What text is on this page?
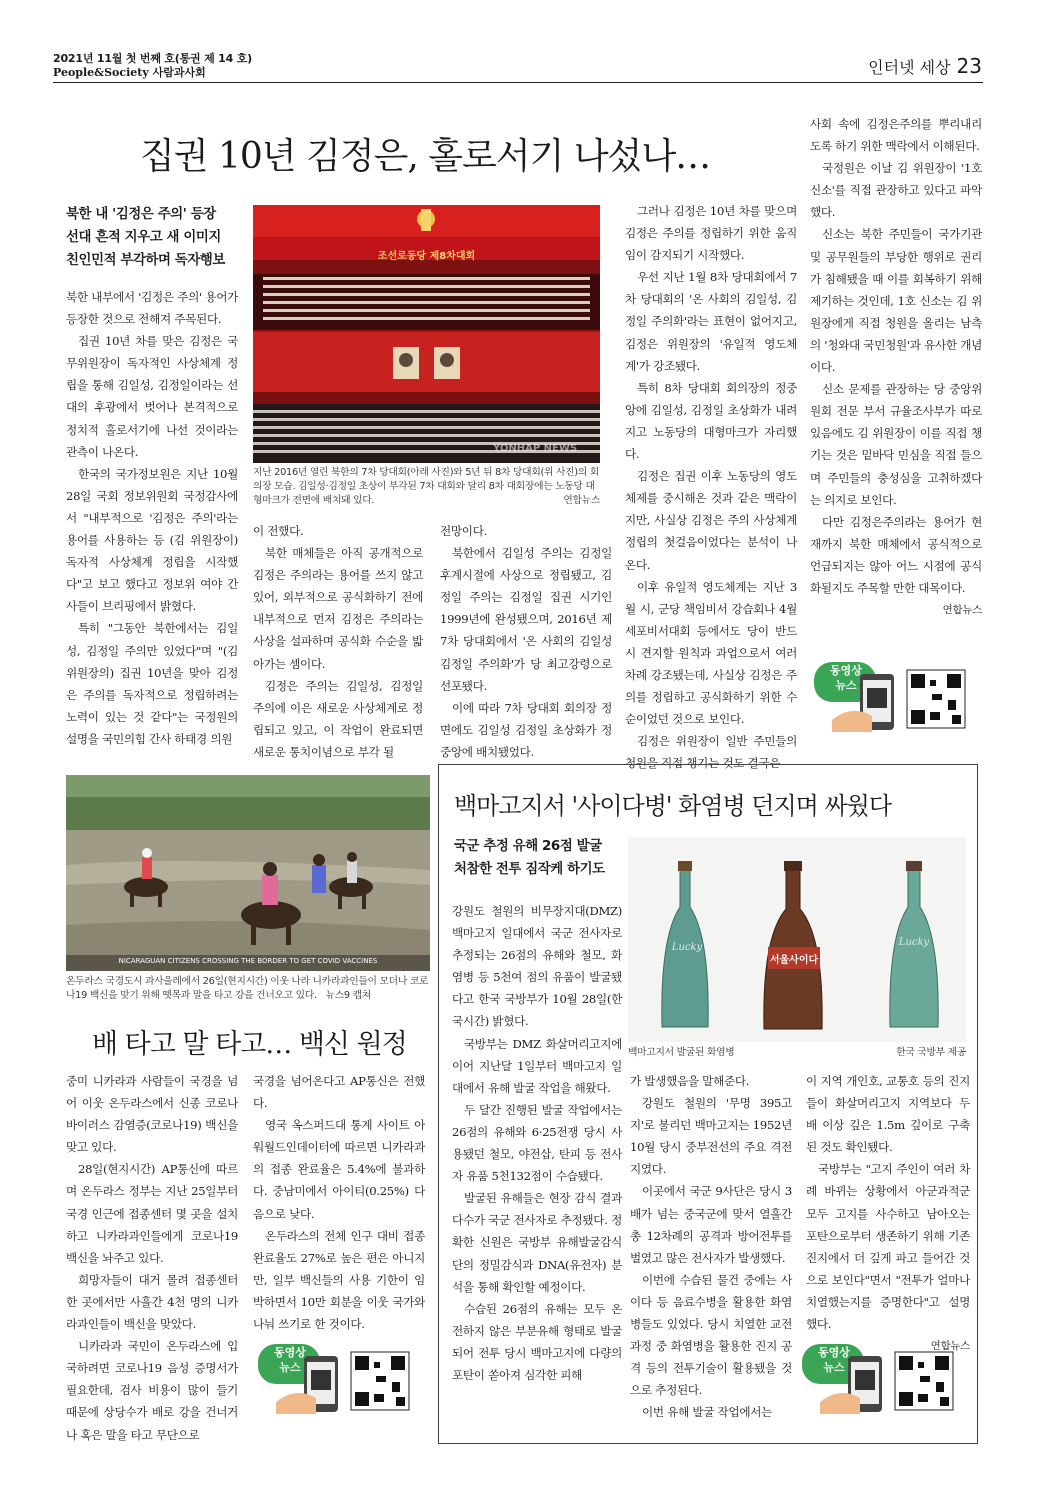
2021년 11월 첫 번째 호(통권 제 14 호)
People&Society 사람과사회	인터넷 세상 23
집권 10년 김정은, 홀로서기 나섰나…
북한 내 '김정은 주의' 등장
선대 흔적 지우고 새 이미지
친인민적 부각하며 독자행보	조선로동당 제8차대회
YONHAP NEWS
지난 2016년 열린 북한의 7차 당대회(아래 사진)와 5년 뒤 8차 당대회(위 사진)의 회의장 모습. 김일성·김정일 초상이 부각된 7차 대회와 달리 8차 대회장에는 노동당 대형마크가 전면에 배치돼 있다.	연합뉴스

북한 내부에서 '김정은 주의' 용어가 등장한 것으로 전해져 주목된다.

집권 10년 차를 맞은 김정은 국무위원장이 독자적인 사상체계 정립을 통해 김일성, 김정일이라는 선대의 후광에서 벗어나 본격적으로 정치적 홀로서기에 나선 것이라는 관측이 나온다.

한국의 국가정보원은 지난 10월 28일 국회 정보위원회 국정감사에서 "내부적으로 '김정은 주의'라는 용어를 사용하는 등 (김 위원장이) 독자적 사상체계 정립을 시작했다"고 보고 했다고 정보위 여야 간사들이 브리핑에서 밝혔다.

특히 "그동안 북한에서는 김일성, 김정일 주의만 있었다"며 "(김위원장의) 집권 10년을 맞아 김정은 주의를 독자적으로 정립하려는 노력이 있는 것 같다"는 국정원의 설명을 국민의힘 간사 하태경 의원

이 전했다.

북한 매체들은 아직 공개적으로 김정은 주의라는 용어를 쓰지 않고 있어, 외부적으로 공식화하기 전에 내부적으로 먼저 김정은 주의라는 사상을 설파하며 공식화 수순을 밟아가는 셈이다.

김정은 주의는 김일성, 김정일 주의에 이은 새로운 사상체계로 정립되고 있고, 이 작업이 완료되면 새로운 통치이념으로 부각 될

전망이다.

북한에서 김일성 주의는 김정일 후계시절에 사상으로 정립됐고, 김정일 주의는 김정일 집권 시기인 1999년에 완성됐으며, 2016년 제7차 당대회에서 '온 사회의 김일성 김정일 주의화'가 당 최고강령으로 선포됐다.

이에 따라 7차 당대회 회의장 정면에도 김일성 김정일 초상화가 정중앙에 배치됐었다.

그러나 김정은 10년 차를 맞으며 김정은 주의를 정립하기 위한 움직임이 감지되기 시작했다.

우선 지난 1월 8차 당대회에서 7차 당대회의 '온 사회의 김일성, 김정일 주의화'라는 표현이 없어지고, 김정은 위원장의 '유일적 영도체계'가 강조됐다.

특히 8차 당대회 회의장의 정중앙에 김일성, 김정일 초상화가 내려지고 노동당의 대형마크가 자리했다.

김정은 집권 이후 노동당의 영도체제를 중시해온 것과 같은 맥락이지만, 사실상 김정은 주의 사상체계 정립의 첫걸음이었다는 분석이 나온다.

이후 유일적 영도체계는 지난 3월 시, 군당 책임비서 강습회나 4월 세포비서대회 등에서도 당이 반드시 견지할 원칙과 과업으로서 여러 차례 강조됐는데, 사실상 김정은 주의를 정립하고 공식화하기 위한 수순이었던 것으로 보인다.

김정은 위원장이 일반 주민들의 청원을 직접 챙기는 것도 결국은

사회 속에 김정은주의를 뿌리내리도록 하기 위한 맥락에서 이해된다.

국정원은 이날 김 위원장이 '1호 신소'를 직접 관장하고 있다고 파악했다.

신소는 북한 주민들이 국가기관 및 공무원들의 부당한 행위로 권리가 침해됐을 때 이를 회복하기 위해 제기하는 것인데, 1호 신소는 김 위원장에게 직접 청원을 올리는 남측의 '청와대 국민청원'과 유사한 개념이다.

신소 문제를 관장하는 당 중앙위원회 전문 부서 규율조사부가 따로 있음에도 김 위원장이 이를 직접 챙기는 것은 밑바닥 민심을 직접 들으며 주민들의 충성심을 고취하겠다는 의지로 보인다.

다만 김정은주의라는 용어가 현재까지 북한 매체에서 공식적으로 언급되지는 않아 어느 시점에 공식화될지도 주목할 만한 대목이다.

연합뉴스

동영상
뉴스
NICARAGUAN CITIZENS CROSSING THE BORDER TO GET COVID VACCINES
온두라스 국경도시 과사울레에서 26일(현지시간) 이웃 나라 니카라과인들이 모더나 코로나19 백신을 맞기 위해 뗏목과 말을 타고 강을 건너오고 있다. 뉴스9 캡쳐
배 타고 말 타고… 백신 원정

중미 니카라과 사람들이 국경을 넘어 이웃 온두라스에서 신종 코로나바이러스 감염증(코로나19) 백신을 맞고 있다.

28일(현지시간) AP통신에 따르며 온두라스 정부는 지난 25일부터 국경 인근에 접종센터 몇 곳을 설치하고 니카라과인들에게 코로나19 백신을 놔주고 있다.

희망자들이 대거 몰려 접종센터 한 곳에서만 사흘간 4천 명의 니카라과인들이 백신을 맞았다.

니카라과 국민이 온두라스에 입국하려면 코로나19 음성 증명서가 필요한데, 검사 비용이 많이 들기 때문에 상당수가 배로 강을 건너거나 혹은 말을 타고 무단으로

국경을 넘어온다고 AP통신은 전했다.

영국 옥스퍼드대 통계 사이트 아워월드인데이터에 따르면 니카라과의 접종 완료율은 5.4%에 불과하다. 중남미에서 아이티(0.25%) 다음으로 낮다.

온두라스의 전체 인구 대비 접종 완료율도 27%로 높은 편은 아니지만, 일부 백신들의 사용 기한이 임박하면서 10만 회분을 이웃 국가와 나눠 쓰기로 한 것이다.

동영상
뉴스
백마고지서 '사이다병' 화염병 던지며 싸웠다
국군 추정 유해 26점 발굴
처참한 전투 짐작케 하기도
Lucky
서울사이다
Lucky
백마고지서 발굴된 화염병	한국 국방부 제공

강원도 철원의 비무장지대(DMZ) 백마고지 일대에서 국군 전사자로 추정되는 26점의 유해와 철모, 화염병 등 5천여 점의 유품이 발굴됐다고 한국 국방부가 10월 28일(한국시간) 밝혔다.

국방부는 DMZ 화살머리고지에 이어 지난달 1일부터 백마고지 일대에서 유해 발굴 작업을 해왔다.

두 달간 진행된 발굴 작업에서는 26점의 유해와 6·25전쟁 당시 사용됐던 철모, 야전삽, 탄피 등 전사자 유품 5천132점이 수습됐다.

발굴된 유해들은 현장 감식 결과 다수가 국군 전사자로 추정됐다. 정확한 신원은 국방부 유해발굴감식단의 정밀감식과 DNA(유전자) 분석을 통해 확인할 예정이다.

수습된 26점의 유해는 모두 온전하지 않은 부분유해 형태로 발굴되어 전투 당시 백마고지에 다량의 포탄이 쏟아져 심각한 피해

가 발생했음을 말해준다.

강원도 철원의 '무명 395고지'로 불리던 백마고지는 1952년 10월 당시 중부전선의 주요 격전지였다.

이곳에서 국군 9사단은 당시 3배가 넘는 중국군에 맞서 열흘간 총 12차례의 공격과 방어전투를 벌였고 많은 전사자가 발생했다.

이번에 수습된 물건 중에는 사이다 등 음료수병을 활용한 화염병들도 있었다. 당시 치열한 교전 과정 중 화염병을 활용한 진지 공격 등의 전투기술이 활용됐을 것으로 추정된다.

이번 유해 발굴 작업에서는

이 지역 개인호, 교통호 등의 진지들이 화살머리고지 지역보다 두 배 이상 깊은 1.5m 깊이로 구축된 것도 확인됐다.

국방부는 "고지 주인이 여러 차례 바뀌는 상황에서 아군과적군 모두 고지를 사수하고 남아오는 포탄으로부터 생존하기 위해 기존 진지에서 더 깊게 파고 들어간 것으로 보인다"면서 "전투가 얼마나 치열했는지를 증명한다"고 설명했다.

연합뉴스

동영상
뉴스
